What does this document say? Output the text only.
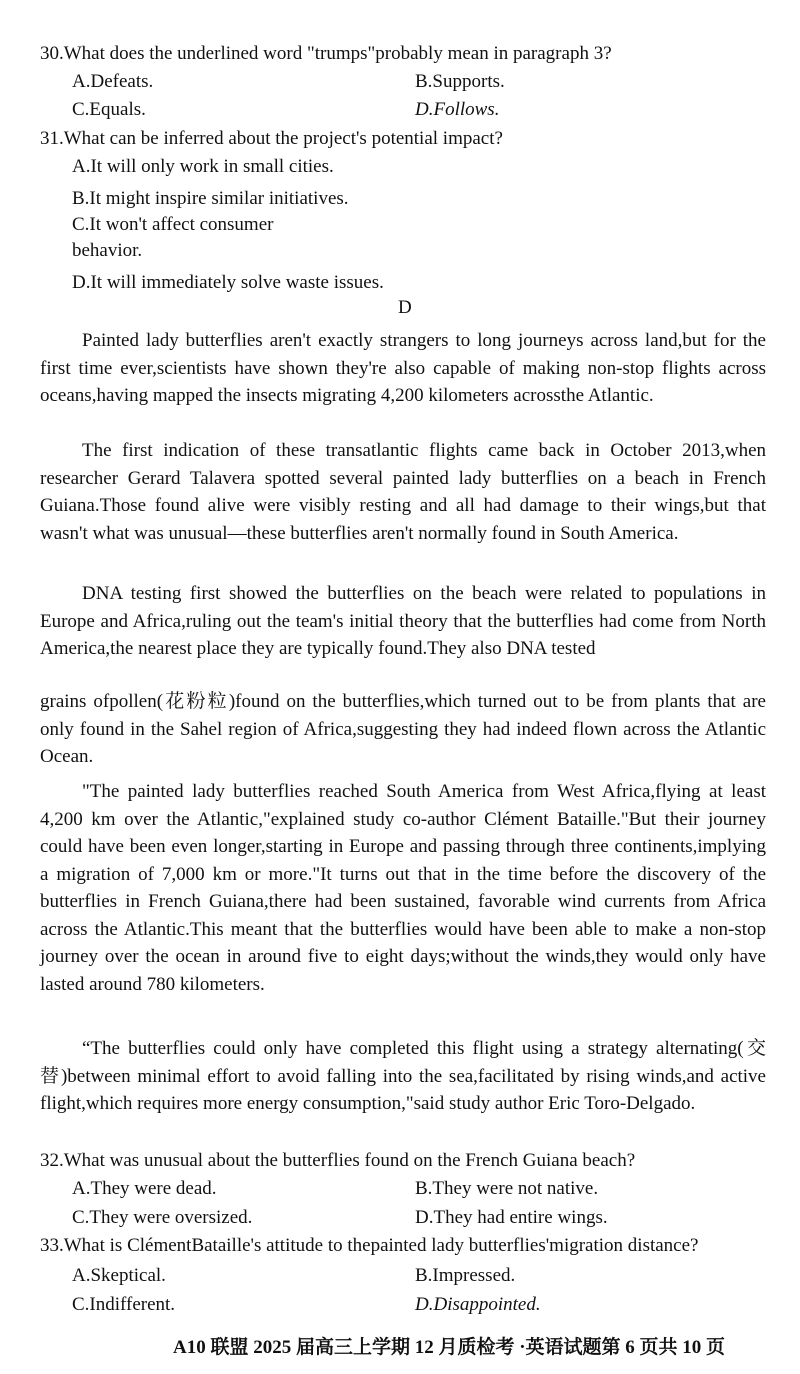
30.What does the underlined word "trumps"probably mean in paragraph 3?
A.Defeats.	B.Supports.
C.Equals.	D.Follows.
31.What can be inferred about the project's potential impact?
A.It will only work in small cities.
B.It might inspire similar initiatives.
C.It won't affect consumer
behavior.
D.It will immediately solve waste issues.
D
Painted lady butterflies aren't exactly strangers to long journeys across land,but for the first time ever,scientists have shown they're also capable of making non-stop flights across oceans,having mapped the insects migrating 4,200 kilometers acrossthe Atlantic.
The first indication of these transatlantic flights came back in October 2013,when researcher Gerard Talavera spotted several painted lady butterflies on a beach in French Guiana.Those found alive were visibly resting and all had damage to their wings,but that wasn't what was unusual—these butterflies aren't normally found in South America.
DNA testing first showed the butterflies on the beach were related to populations in Europe and Africa,ruling out the team's initial theory that the butterflies had come from North America,the nearest place they are typically found.They also DNA tested
grains ofpollen(花粉粒)found on the butterflies,which turned out to be from plants that are only found in the Sahel region of Africa,suggesting they had indeed flown across the Atlantic Ocean.
"The painted lady butterflies reached South America from West Africa,flying at least 4,200 km over the Atlantic,"explained study co-author Clément Bataille."But their journey could have been even longer,starting in Europe and passing through three continents,implying a migration of 7,000 km or more."It turns out that in the time before the discovery of the butterflies in French Guiana,there had been sustained, favorable wind currents from Africa across the Atlantic.This meant that the butterflies would have been able to make a non-stop journey over the ocean in around five to eight days;without the winds,they would only have lasted around 780 kilometers.
“The butterflies could only have completed this flight using a strategy alternating(交替)between minimal effort to avoid falling into the sea,facilitated by rising winds,and active flight,which requires more energy consumption,"said study author Eric Toro-Delgado.
32.What was unusual about the butterflies found on the French Guiana beach?
A.They were dead.	B.They were not native.
C.They were oversized.	D.They had entire wings.
33.What is ClémentBataille's attitude to thepainted lady butterflies'migration distance?
A.Skeptical.	B.Impressed.
C.Indifferent.	D.Disappointed.
A10 联盟 2025 届高三上学期 12 月质检考 ·英语试题第 6 页共 10 页
